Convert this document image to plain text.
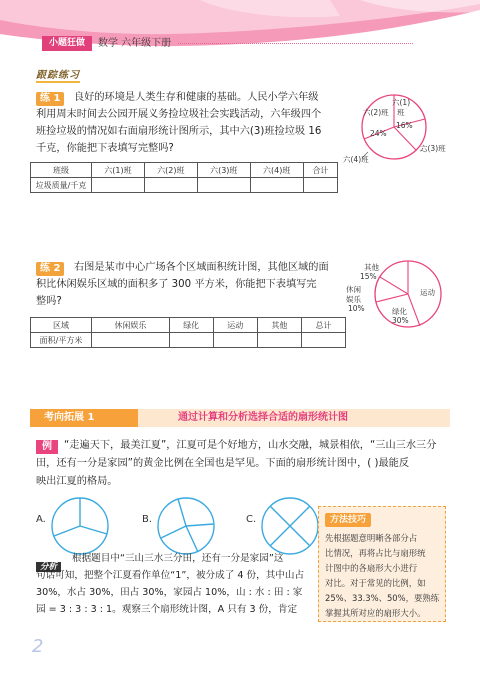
小题狂做	数学 六年级下册
跟踪练习
练 1	良好的环境是人类生存和健康的基础。人民小学六年级
利用周末时间去公园开展义务捡垃圾社会实践活动，六年级四个
班捡垃圾的情况如右面扇形统计图所示，其中六(3)班捡垃圾 16
千克，你能把下表填写完整吗?
六(1)
班
六(2)班
24%
16%
六(3)班
六(4)班
班级	六(1)班	六(2)班	六(3)班	六(4)班	合计
垃圾质量/千克					
练 2	右图是某市中心广场各个区域面积统计图，其他区域的面
积比休闲娱乐区域的面积多了 300 平方米，你能把下表填写完
整吗?
其他
15%
休闲
娱乐
10%
运动
绿化
30%
区域	休闲娱乐	绿化	运动	其他	总计
面积/平方米					
考向拓展 1	通过计算和分析选择合适的扇形统计图
例	“走遍天下，最美江夏”，江夏可是个好地方，山水交融，城景相依，“三山三水三分
田，还有一分是家园”的黄金比例在全国也是罕见。下面的扇形统计图中，( )最能反
映出江夏的格局。
A.	B.	C.	方法技巧
先根据题意明晰各部分占
比情况，再将占比与扇形统
计图中的各扇形大小进行
对比。对于常见的比例，如
25%、33.3%、50%，要熟练
掌握其所对应的扇形大小。
分析
根据题目中“三山三水三分田，还有一分是家园”这
句话可知，把整个江夏看作单位“1”，被分成了 4 份，其中山占
30%，水占 30%，田占 30%，家园占 10%，山 : 水 : 田 : 家
园 = 3 : 3 : 3 : 1。观察三个扇形统计图，A 只有 3 份，肯定
2
